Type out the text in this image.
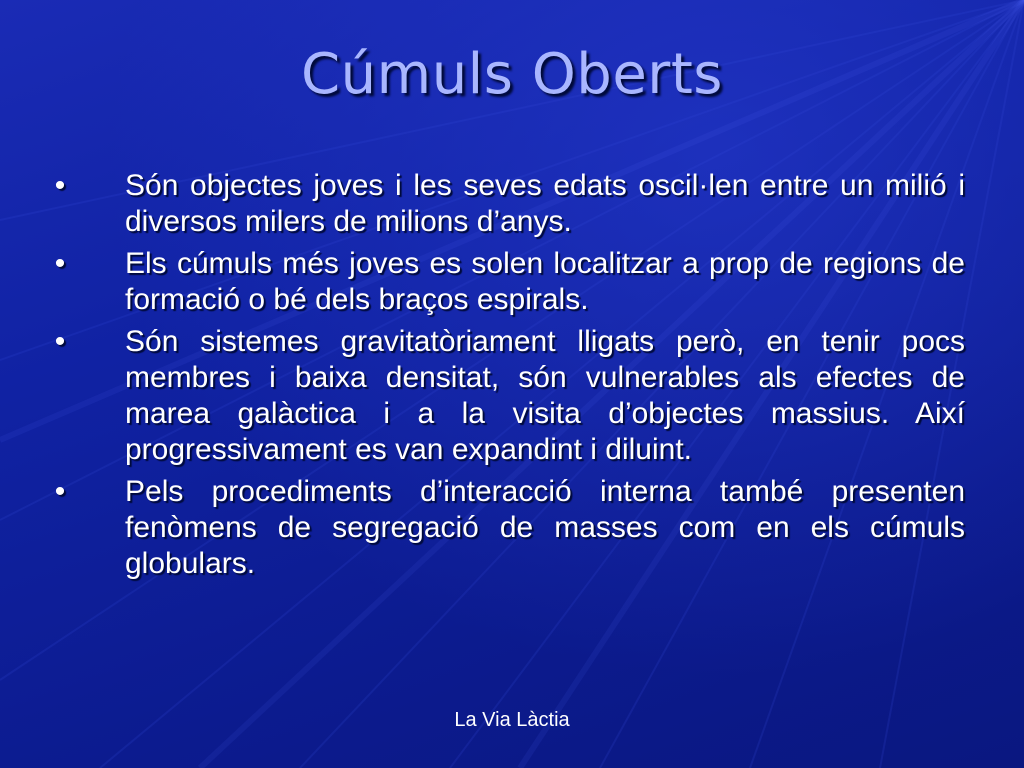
Cúmuls Oberts
•	Són objectes joves i les seves edats oscil·len entre un milió i diversos milers de milions d’anys.
•	Els cúmuls més joves es solen localitzar a prop de regions de formació o bé dels braços espirals.
•	Són sistemes gravitatòriament lligats però, en tenir pocs membres i baixa densitat, són vulnerables als efectes de marea galàctica i a la visita d’objectes massius. Així progressivament es van expandint i diluint.
•	Pels procediments d’interacció interna també presenten fenòmens de segregació de masses com en els cúmuls globulars.
La Via Làctia
